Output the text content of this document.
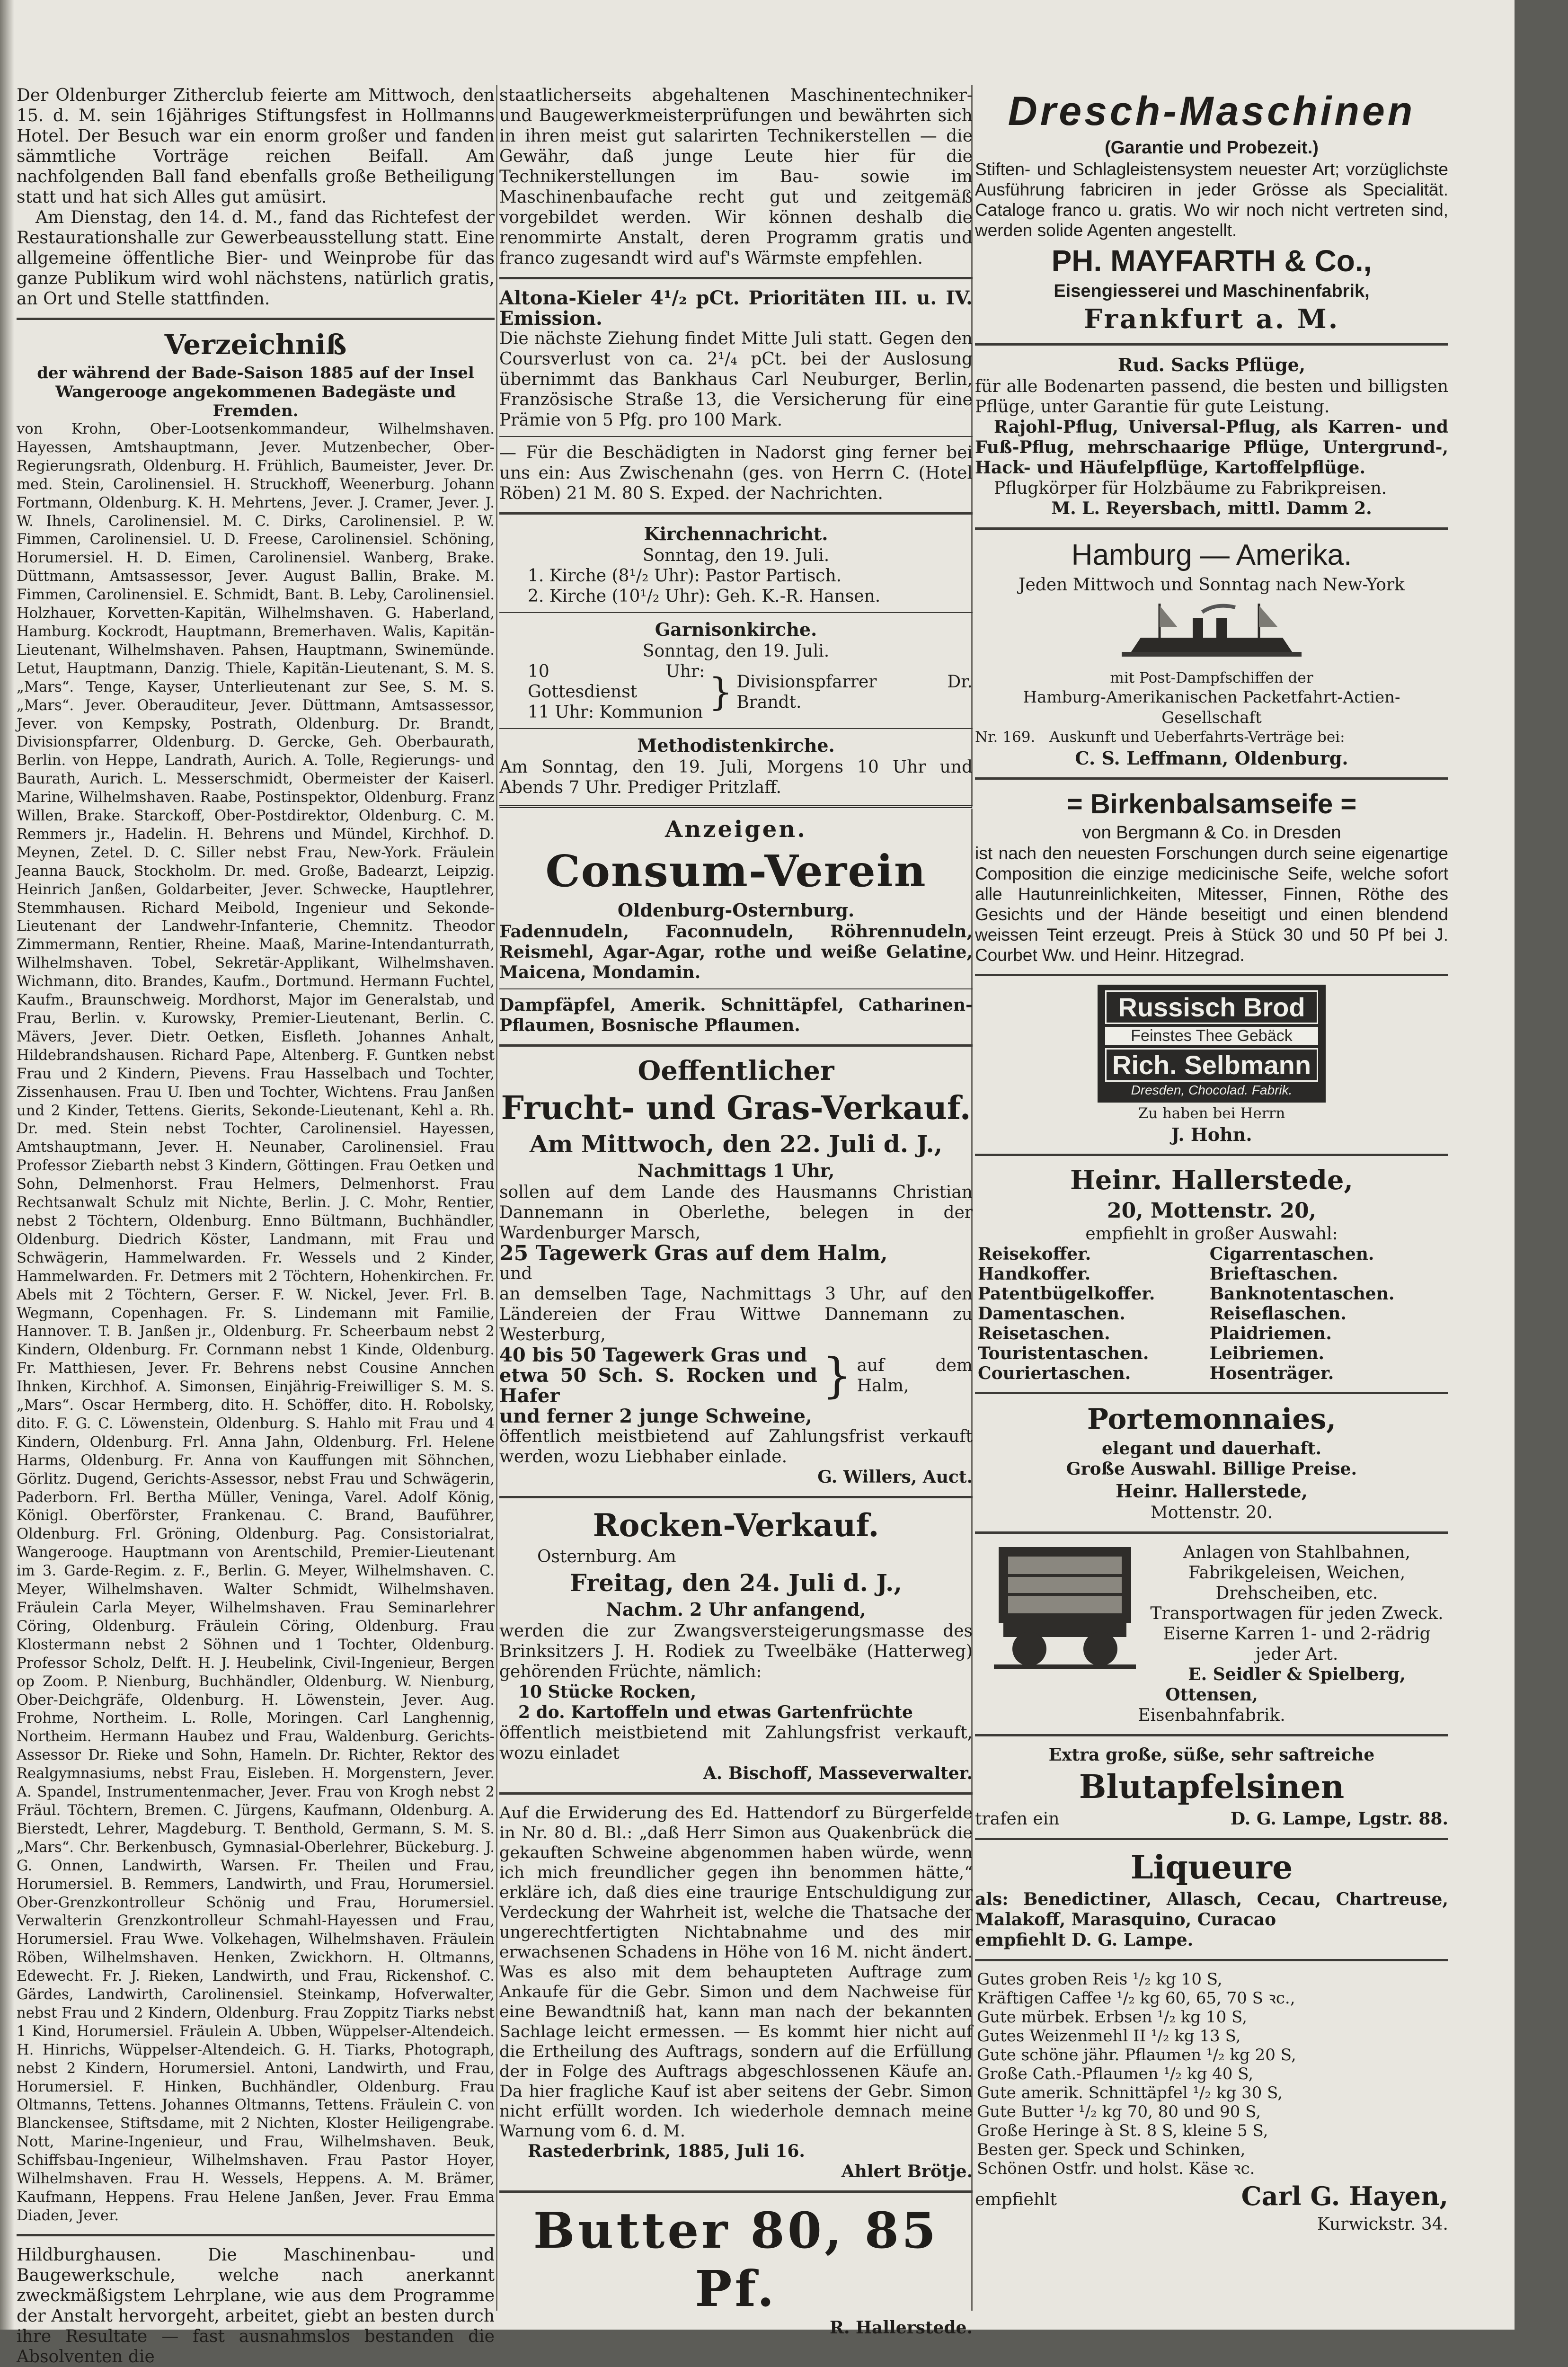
Der Oldenburger Zitherclub feierte am Mittwoch, den 15. d. M. sein 16jähriges Stiftungsfest in Hollmanns Hotel. Der Besuch war ein enorm großer und fanden sämmtliche Vorträge reichen Beifall. Am nachfolgenden Ball fand ebenfalls große Betheiligung statt und hat sich Alles gut amüsirt.

Am Dienstag, den 14. d. M., fand das Richtefest der Restaurationshalle zur Gewerbeausstellung statt. Eine allgemeine öffentliche Bier- und Weinprobe für das ganze Publikum wird wohl nächstens, natürlich gratis, an Ort und Stelle stattfinden.

Verzeichniß

der während der Bade-Saison 1885 auf der Insel Wangerooge angekommenen Badegäste und Fremden.

von Krohn, Ober-Lootsenkommandeur, Wilhelmshaven. Hayessen, Amtshauptmann, Jever. Mutzenbecher, Ober-Regierungsrath, Oldenburg. H. Frühlich, Baumeister, Jever. Dr. med. Stein, Carolinensiel. H. Struckhoff, Weenerburg. Johann Fortmann, Oldenburg. K. H. Mehrtens, Jever. J. Cramer, Jever. J. W. Ihnels, Carolinensiel. M. C. Dirks, Carolinensiel. P. W. Fimmen, Carolinensiel. U. D. Freese, Carolinensiel. Schöning, Horumersiel. H. D. Eimen, Carolinensiel. Wanberg, Brake. Düttmann, Amtsassessor, Jever. August Ballin, Brake. M. Fimmen, Carolinensiel. E. Schmidt, Bant. B. Leby, Carolinensiel. Holzhauer, Korvetten-Kapitän, Wilhelmshaven. G. Haberland, Hamburg. Kockrodt, Hauptmann, Bremerhaven. Walis, Kapitän-Lieutenant, Wilhelmshaven. Pahsen, Hauptmann, Swinemünde. Letut, Hauptmann, Danzig. Thiele, Kapitän-Lieutenant, S. M. S. „Mars“. Tenge, Kayser, Unterlieutenant zur See, S. M. S. „Mars“. Jever. Oberauditeur, Jever. Düttmann, Amtsassessor, Jever. von Kempsky, Postrath, Oldenburg. Dr. Brandt, Divisionspfarrer, Oldenburg. D. Gercke, Geh. Oberbaurath, Berlin. von Heppe, Landrath, Aurich. A. Tolle, Regierungs- und Baurath, Aurich. L. Messerschmidt, Obermeister der Kaiserl. Marine, Wilhelmshaven. Raabe, Postinspektor, Oldenburg. Franz Willen, Brake. Starckoff, Ober-Postdirektor, Oldenburg. C. M. Remmers jr., Hadelin. H. Behrens und Mündel, Kirchhof. D. Meynen, Zetel. D. C. Siller nebst Frau, New-York. Fräulein Jeanna Bauck, Stockholm. Dr. med. Große, Badearzt, Leipzig. Heinrich Janßen, Goldarbeiter, Jever. Schwecke, Hauptlehrer, Stemmhausen. Richard Meibold, Ingenieur und Sekonde-Lieutenant der Landwehr-Infanterie, Chemnitz. Theodor Zimmermann, Rentier, Rheine. Maaß, Marine-Intendanturrath, Wilhelmshaven. Tobel, Sekretär-Applikant, Wilhelmshaven. Wichmann, dito. Brandes, Kaufm., Dortmund. Hermann Fuchtel, Kaufm., Braunschweig. Mordhorst, Major im Generalstab, und Frau, Berlin. v. Kurowsky, Premier-Lieutenant, Berlin. C. Mävers, Jever. Dietr. Oetken, Eisfleth. Johannes Anhalt, Hildebrandshausen. Richard Pape, Altenberg. F. Guntken nebst Frau und 2 Kindern, Pievens. Frau Hasselbach und Tochter, Zissenhausen. Frau U. Iben und Tochter, Wichtens. Frau Janßen und 2 Kinder, Tettens. Gierits, Sekonde-Lieutenant, Kehl a. Rh. Dr. med. Stein nebst Tochter, Carolinensiel. Hayessen, Amtshauptmann, Jever. H. Neunaber, Carolinensiel. Frau Professor Ziebarth nebst 3 Kindern, Göttingen. Frau Oetken und Sohn, Delmenhorst. Frau Helmers, Delmenhorst. Frau Rechtsanwalt Schulz mit Nichte, Berlin. J. C. Mohr, Rentier, nebst 2 Töchtern, Oldenburg. Enno Bültmann, Buchhändler, Oldenburg. Diedrich Köster, Landmann, mit Frau und Schwägerin, Hammelwarden. Fr. Wessels und 2 Kinder, Hammelwarden. Fr. Detmers mit 2 Töchtern, Hohenkirchen. Fr. Abels mit 2 Töchtern, Gerser. F. W. Nickel, Jever. Frl. B. Wegmann, Copenhagen. Fr. S. Lindemann mit Familie, Hannover. T. B. Janßen jr., Oldenburg. Fr. Scheerbaum nebst 2 Kindern, Oldenburg. Fr. Cornmann nebst 1 Kinde, Oldenburg. Fr. Matthiesen, Jever. Fr. Behrens nebst Cousine Annchen Ihnken, Kirchhof. A. Simonsen, Einjährig-Freiwilliger S. M. S. „Mars“. Oscar Hermberg, dito. H. Schöffer, dito. H. Robolsky, dito. F. G. C. Löwenstein, Oldenburg. S. Hahlo mit Frau und 4 Kindern, Oldenburg. Frl. Anna Jahn, Oldenburg. Frl. Helene Harms, Oldenburg. Fr. Anna von Kauffungen mit Söhnchen, Görlitz. Dugend, Gerichts-Assessor, nebst Frau und Schwägerin, Paderborn. Frl. Bertha Müller, Veninga, Varel. Adolf König, Königl. Oberförster, Frankenau. C. Brand, Bauführer, Oldenburg. Frl. Gröning, Oldenburg. Pag. Consistorialrat, Wangerooge. Hauptmann von Arentschild, Premier-Lieutenant im 3. Garde-Regim. z. F., Berlin. G. Meyer, Wilhelmshaven. C. Meyer, Wilhelmshaven. Walter Schmidt, Wilhelmshaven. Fräulein Carla Meyer, Wilhelmshaven. Frau Seminarlehrer Cöring, Oldenburg. Fräulein Cöring, Oldenburg. Frau Klostermann nebst 2 Söhnen und 1 Tochter, Oldenburg. Professor Scholz, Delft. H. J. Heubelink, Civil-Ingenieur, Bergen op Zoom. P. Nienburg, Buchhändler, Oldenburg. W. Nienburg, Ober-Deichgräfe, Oldenburg. H. Löwenstein, Jever. Aug. Frohme, Northeim. L. Rolle, Moringen. Carl Langhennig, Northeim. Hermann Haubez und Frau, Waldenburg. Gerichts-Assessor Dr. Rieke und Sohn, Hameln. Dr. Richter, Rektor des Realgymnasiums, nebst Frau, Eisleben. H. Morgenstern, Jever. A. Spandel, Instrumentenmacher, Jever. Frau von Krogh nebst 2 Fräul. Töchtern, Bremen. C. Jürgens, Kaufmann, Oldenburg. A. Bierstedt, Lehrer, Magdeburg. T. Benthold, Germann, S. M. S. „Mars“. Chr. Berkenbusch, Gymnasial-Oberlehrer, Bückeburg. J. G. Onnen, Landwirth, Warsen. Fr. Theilen und Frau, Horumersiel. B. Remmers, Landwirth, und Frau, Horumersiel. Ober-Grenzkontrolleur Schönig und Frau, Horumersiel. Verwalterin Grenzkontrolleur Schmahl-Hayessen und Frau, Horumersiel. Frau Wwe. Volkehagen, Wilhelmshaven. Fräulein Röben, Wilhelmshaven. Henken, Zwickhorn. H. Oltmanns, Edewecht. Fr. J. Rieken, Landwirth, und Frau, Rickenshof. C. Gärdes, Landwirth, Carolinensiel. Steinkamp, Hofverwalter, nebst Frau und 2 Kindern, Oldenburg. Frau Zoppitz Tiarks nebst 1 Kind, Horumersiel. Fräulein A. Ubben, Wüppelser-Altendeich. H. Hinrichs, Wüppelser-Altendeich. G. H. Tiarks, Photograph, nebst 2 Kindern, Horumersiel. Antoni, Landwirth, und Frau, Horumersiel. F. Hinken, Buchhändler, Oldenburg. Frau Oltmanns, Tettens. Johannes Oltmanns, Tettens. Fräulein C. von Blanckensee, Stiftsdame, mit 2 Nichten, Kloster Heiligengrabe. Nott, Marine-Ingenieur, und Frau, Wilhelmshaven. Beuk, Schiffsbau-Ingenieur, Wilhelmshaven. Frau Pastor Hoyer, Wilhelmshaven. Frau H. Wessels, Heppens. A. M. Brämer, Kaufmann, Heppens. Frau Helene Janßen, Jever. Frau Emma Diaden, Jever.

Hildburghausen. Die Maschinenbau- und Baugewerkschule, welche nach anerkannt zweckmäßigstem Lehrplane, wie aus dem Programme der Anstalt hervorgeht, arbeitet, giebt an besten durch ihre Resultate — fast ausnahmslos bestanden die Absolventen die

staatlicherseits abgehaltenen Maschinentechniker- und Baugewerkmeisterprüfungen und bewährten sich in ihren meist gut salarirten Technikerstellen — die Gewähr, daß junge Leute hier für die Technikerstellungen im Bau- sowie im Maschinenbaufache recht gut und zeitgemäß vorgebildet werden. Wir können deshalb die renommirte Anstalt, deren Programm gratis und franco zugesandt wird auf's Wärmste empfehlen.

Altona-Kieler 4¹/₂ pCt. Prioritäten III. u. IV. Emission.

Die nächste Ziehung findet Mitte Juli statt. Gegen den Coursverlust von ca. 2¹/₄ pCt. bei der Auslosung übernimmt das Bankhaus Carl Neuburger, Berlin, Französische Straße 13, die Versicherung für eine Prämie von 5 Pfg. pro 100 Mark.

— Für die Beschädigten in Nadorst ging ferner bei uns ein: Aus Zwischenahn (ges. von Herrn C. (Hotel Röben) 21 M. 80 S. Exped. der Nachrichten.

Kirchennachricht.

Sonntag, den 19. Juli.

1. Kirche (8¹/₂ Uhr): Pastor Partisch.

2. Kirche (10¹/₂ Uhr): Geh. K.-R. Hansen.

Garnisonkirche.

Sonntag, den 19. Juli.

10 Uhr: Gottesdienst

11 Uhr: Kommunion } Divisionspfarrer Dr. Brandt.

Methodistenkirche.

Am Sonntag, den 19. Juli, Morgens 10 Uhr und Abends 7 Uhr. Prediger Pritzlaff.

Anzeigen.
Consum-Verein
Oldenburg-Osternburg.

Fadennudeln, Faconnudeln, Röhrennudeln, Reismehl, Agar-Agar, rothe und weiße Gelatine, Maicena, Mondamin.

Dampfäpfel, Amerik. Schnittäpfel, Catharinen-Pflaumen, Bosnische Pflaumen.

Oeffentlicher
Frucht- und Gras-Verkauf.
Am Mittwoch, den 22. Juli d. J.,
Nachmittags 1 Uhr,

sollen auf dem Lande des Hausmanns Christian Dannemann in Oberlethe, belegen in der Wardenburger Marsch,

25 Tagewerk Gras auf dem Halm,

und

an demselben Tage, Nachmittags 3 Uhr, auf den Ländereien der Frau Wittwe Dannemann zu Westerburg,

40 bis 50 Tagewerk Gras und

etwa 50 Sch. S. Rocken und Hafer	} auf dem Halm,

und ferner 2 junge Schweine,

öffentlich meistbietend auf Zahlungsfrist verkauft werden, wozu Liebhaber einlade.

G. Willers, Auct.

Rocken-Verkauf.

Osternburg. Am

Freitag, den 24. Juli d. J.,
Nachm. 2 Uhr anfangend,

werden die zur Zwangsversteigerungsmasse des Brinksitzers J. H. Rodiek zu Tweelbäke (Hatterweg) gehörenden Früchte, nämlich:

10 Stücke Rocken,

2 do. Kartoffeln und etwas Gartenfrüchte

öffentlich meistbietend mit Zahlungsfrist verkauft, wozu einladet

A. Bischoff, Masseverwalter.

Auf die Erwiderung des Ed. Hattendorf zu Bürgerfelde in Nr. 80 d. Bl.: „daß Herr Simon aus Quakenbrück die gekauften Schweine abgenommen haben würde, wenn ich mich freundlicher gegen ihn benommen hätte,“ erkläre ich, daß dies eine traurige Entschuldigung zur Verdeckung der Wahrheit ist, welche die Thatsache der ungerechtfertigten Nichtabnahme und des mir erwachsenen Schadens in Höhe von 16 M. nicht ändert. Was es also mit dem behaupteten Auftrage zum Ankaufe für die Gebr. Simon und dem Nachweise für eine Bewandtniß hat, kann man nach der bekannten Sachlage leicht ermessen. — Es kommt hier nicht auf die Ertheilung des Auftrags, sondern auf die Erfüllung der in Folge des Auftrags abgeschlossenen Käufe an. Da hier fragliche Kauf ist aber seitens der Gebr. Simon nicht erfüllt worden. Ich wiederhole demnach meine Warnung vom 6. d. M.

Rastederbrink, 1885, Juli 16.

Ahlert Brötje.

Butter 80, 85 Pf.

R. Hallerstede.

Dresch-Maschinen
(Garantie und Probezeit.)

Stiften- und Schlagleistensystem neuester Art; vorzüglichste Ausführung fabriciren in jeder Grösse als Specialität. Cataloge franco u. gratis. Wo wir noch nicht vertreten sind, werden solide Agenten angestellt.

PH. MAYFARTH & Co.,
Eisengiesserei und Maschinenfabrik,
Frankfurt a. M.
Rud. Sacks Pflüge,

für alle Bodenarten passend, die besten und billigsten Pflüge, unter Garantie für gute Leistung.

Rajohl-Pflug, Universal-Pflug, als Karren- und Fuß-Pflug, mehrschaarige Pflüge, Untergrund-, Hack- und Häufelpflüge, Kartoffelpflüge.

Pflugkörper für Holzbäume zu Fabrikpreisen.

M. L. Reyersbach, mittl. Damm 2.

Hamburg — Amerika.

Jeden Mittwoch und Sonntag nach New-York

mit Post-Dampfschiffen der

Hamburg-Amerikanischen Packetfahrt-Actien-Gesellschaft

Nr. 169. Auskunft und Ueberfahrts-Verträge bei:
C. S. Leffmann, Oldenburg.
= Birkenbalsamseife =

von Bergmann & Co. in Dresden

ist nach den neuesten Forschungen durch seine eigenartige Composition die einzige medicinische Seife, welche sofort alle Hautunreinlichkeiten, Mitesser, Finnen, Röthe des Gesichts und der Hände beseitigt und einen blendend weissen Teint erzeugt. Preis à Stück 30 und 50 Pf bei J. Courbet Ww. und Heinr. Hitzegrad.

Russisch Brod
Feinstes Thee Gebäck
Rich. Selbmann
Dresden, Chocolad. Fabrik.

Zu haben bei Herrn

J. Hohn.
Heinr. Hallerstede,
20, Mottenstr. 20,

empfiehlt in großer Auswahl:

Reisekoffer.	Cigarrentaschen.
Handkoffer.	Brieftaschen.
Patentbügelkoffer.	Banknotentaschen.
Damentaschen.	Reiseflaschen.
Reisetaschen.	Plaidriemen.
Touristentaschen.	Leibriemen.
Couriertaschen.	Hosenträger.
Portemonnaies,

elegant und dauerhaft.

Große Auswahl. Billige Preise.

Heinr. Hallerstede,

Mottenstr. 20.

Anlagen von Stahlbahnen, Fabrikgeleisen, Weichen, Drehscheiben, etc. Transportwagen für jeden Zweck. Eiserne Karren 1- und 2-rädrig jeder Art.

E. Seidler & Spielberg, Ottensen,

Eisenbahnfabrik.

Extra große, süße, sehr saftreiche

Blutapfelsinen
trafen ein	D. G. Lampe, Lgstr. 88.
Liqueure

als: Benedictiner, Allasch, Cecau, Chartreuse, Malakoff, Marasquino, Curacao

empfiehlt D. G. Lampe.

Gutes groben Reis ¹/₂ kg 10 S,
Kräftigen Caffee ¹/₂ kg 60, 65, 70 S ꝛc.,
Gute mürbek. Erbsen ¹/₂ kg 10 S,
Gutes Weizenmehl II ¹/₂ kg 13 S,
Gute schöne jähr. Pflaumen ¹/₂ kg 20 S,
Große Cath.-Pflaumen ¹/₂ kg 40 S,
Gute amerik. Schnittäpfel ¹/₂ kg 30 S,
Gute Butter ¹/₂ kg 70, 80 und 90 S,
Große Heringe à St. 8 S, kleine 5 S,
Besten ger. Speck und Schinken,
Schönen Ostfr. und holst. Käse ꝛc.
empfiehlt	Carl G. Hayen,

Kurwickstr. 34.
